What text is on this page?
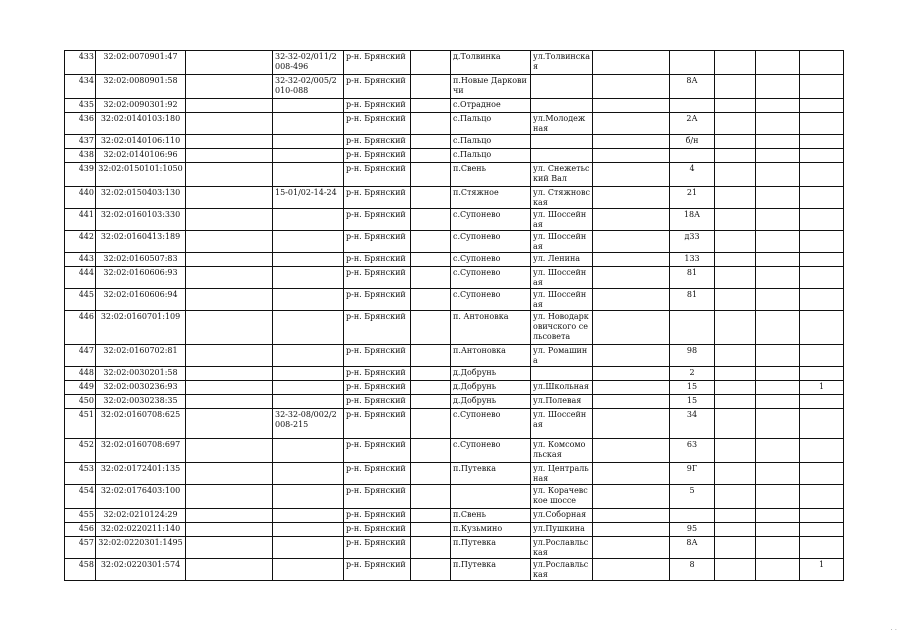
433	32:02:0070901:47		32-32-02/011/2008-496	р-н. Брянский		д.Толвинка	ул.Толвинская					
434	32:02:0080901:58		32-32-02/005/2010-088	р-н. Брянский		п.Новые Дарковичи			8А			
435	32:02:0090301:92			р-н. Брянский		с.Отрадное						
436	32:02:0140103:180			р-н. Брянский		с.Пальцо	ул.Молодежная		2А			
437	32:02:0140106:110			р-н. Брянский		с.Пальцо			б/н			
438	32:02:0140106:96			р-н. Брянский		с.Пальцо						
439	32:02:0150101:1050			р-н. Брянский		п.Свень	ул. Снежетьский Вал		4			
440	32:02:0150403:130		15-01/02-14-24	р-н. Брянский		п.Стяжное	ул. Стяжновская		21			
441	32:02:0160103:330			р-н. Брянский		с.Супонево	ул. Шоссейная		18А			
442	32:02:0160413:189			р-н. Брянский		с.Супонево	ул. Шоссейная		д33			
443	32:02:0160507:83			р-н. Брянский		с.Супонево	ул. Ленина		133			
444	32:02:0160606:93			р-н. Брянский		с.Супонево	ул. Шоссейная		81			
445	32:02:0160606:94			р-н. Брянский		с.Супонево	ул. Шоссейная		81			
446	32:02:0160701:109			р-н. Брянский		п. Антоновка	ул. Новодарковичского сельсовета					
447	32:02:0160702:81			р-н. Брянский		п.Антоновка	ул. Ромашина		98			
448	32:02:0030201:58			р-н. Брянский		д.Добрунь			2			
449	32:02:0030236:93			р-н. Брянский		д.Добрунь	ул.Школьная		15			1
450	32:02:0030238:35			р-н. Брянский		д.Добрунь	ул.Полевая		15			
451	32:02:0160708:625		32-32-08/002/2008-215	р-н. Брянский		с.Супонево	ул. Шоссейная		34			
452	32:02:0160708:697			р-н. Брянский		с.Супонево	ул. Комсомольская		63			
453	32:02:0172401:135			р-н. Брянский		п.Путевка	ул. Центральная		9Г			
454	32:02:0176403:100			р-н. Брянский			ул. Корачевское шоссе		5			
455	32:02:0210124:29			р-н. Брянский		п.Свень	ул.Соборная					
456	32:02:0220211:140			р-н. Брянский		п.Кузьмино	ул.Пушкина		95			
457	32:02:0220301:1495			р-н. Брянский		п.Путевка	ул.Рославльская		8А			
458	32:02:0220301:574			р-н. Брянский		п.Путевка	ул.Рославльская		8			1
· ·
